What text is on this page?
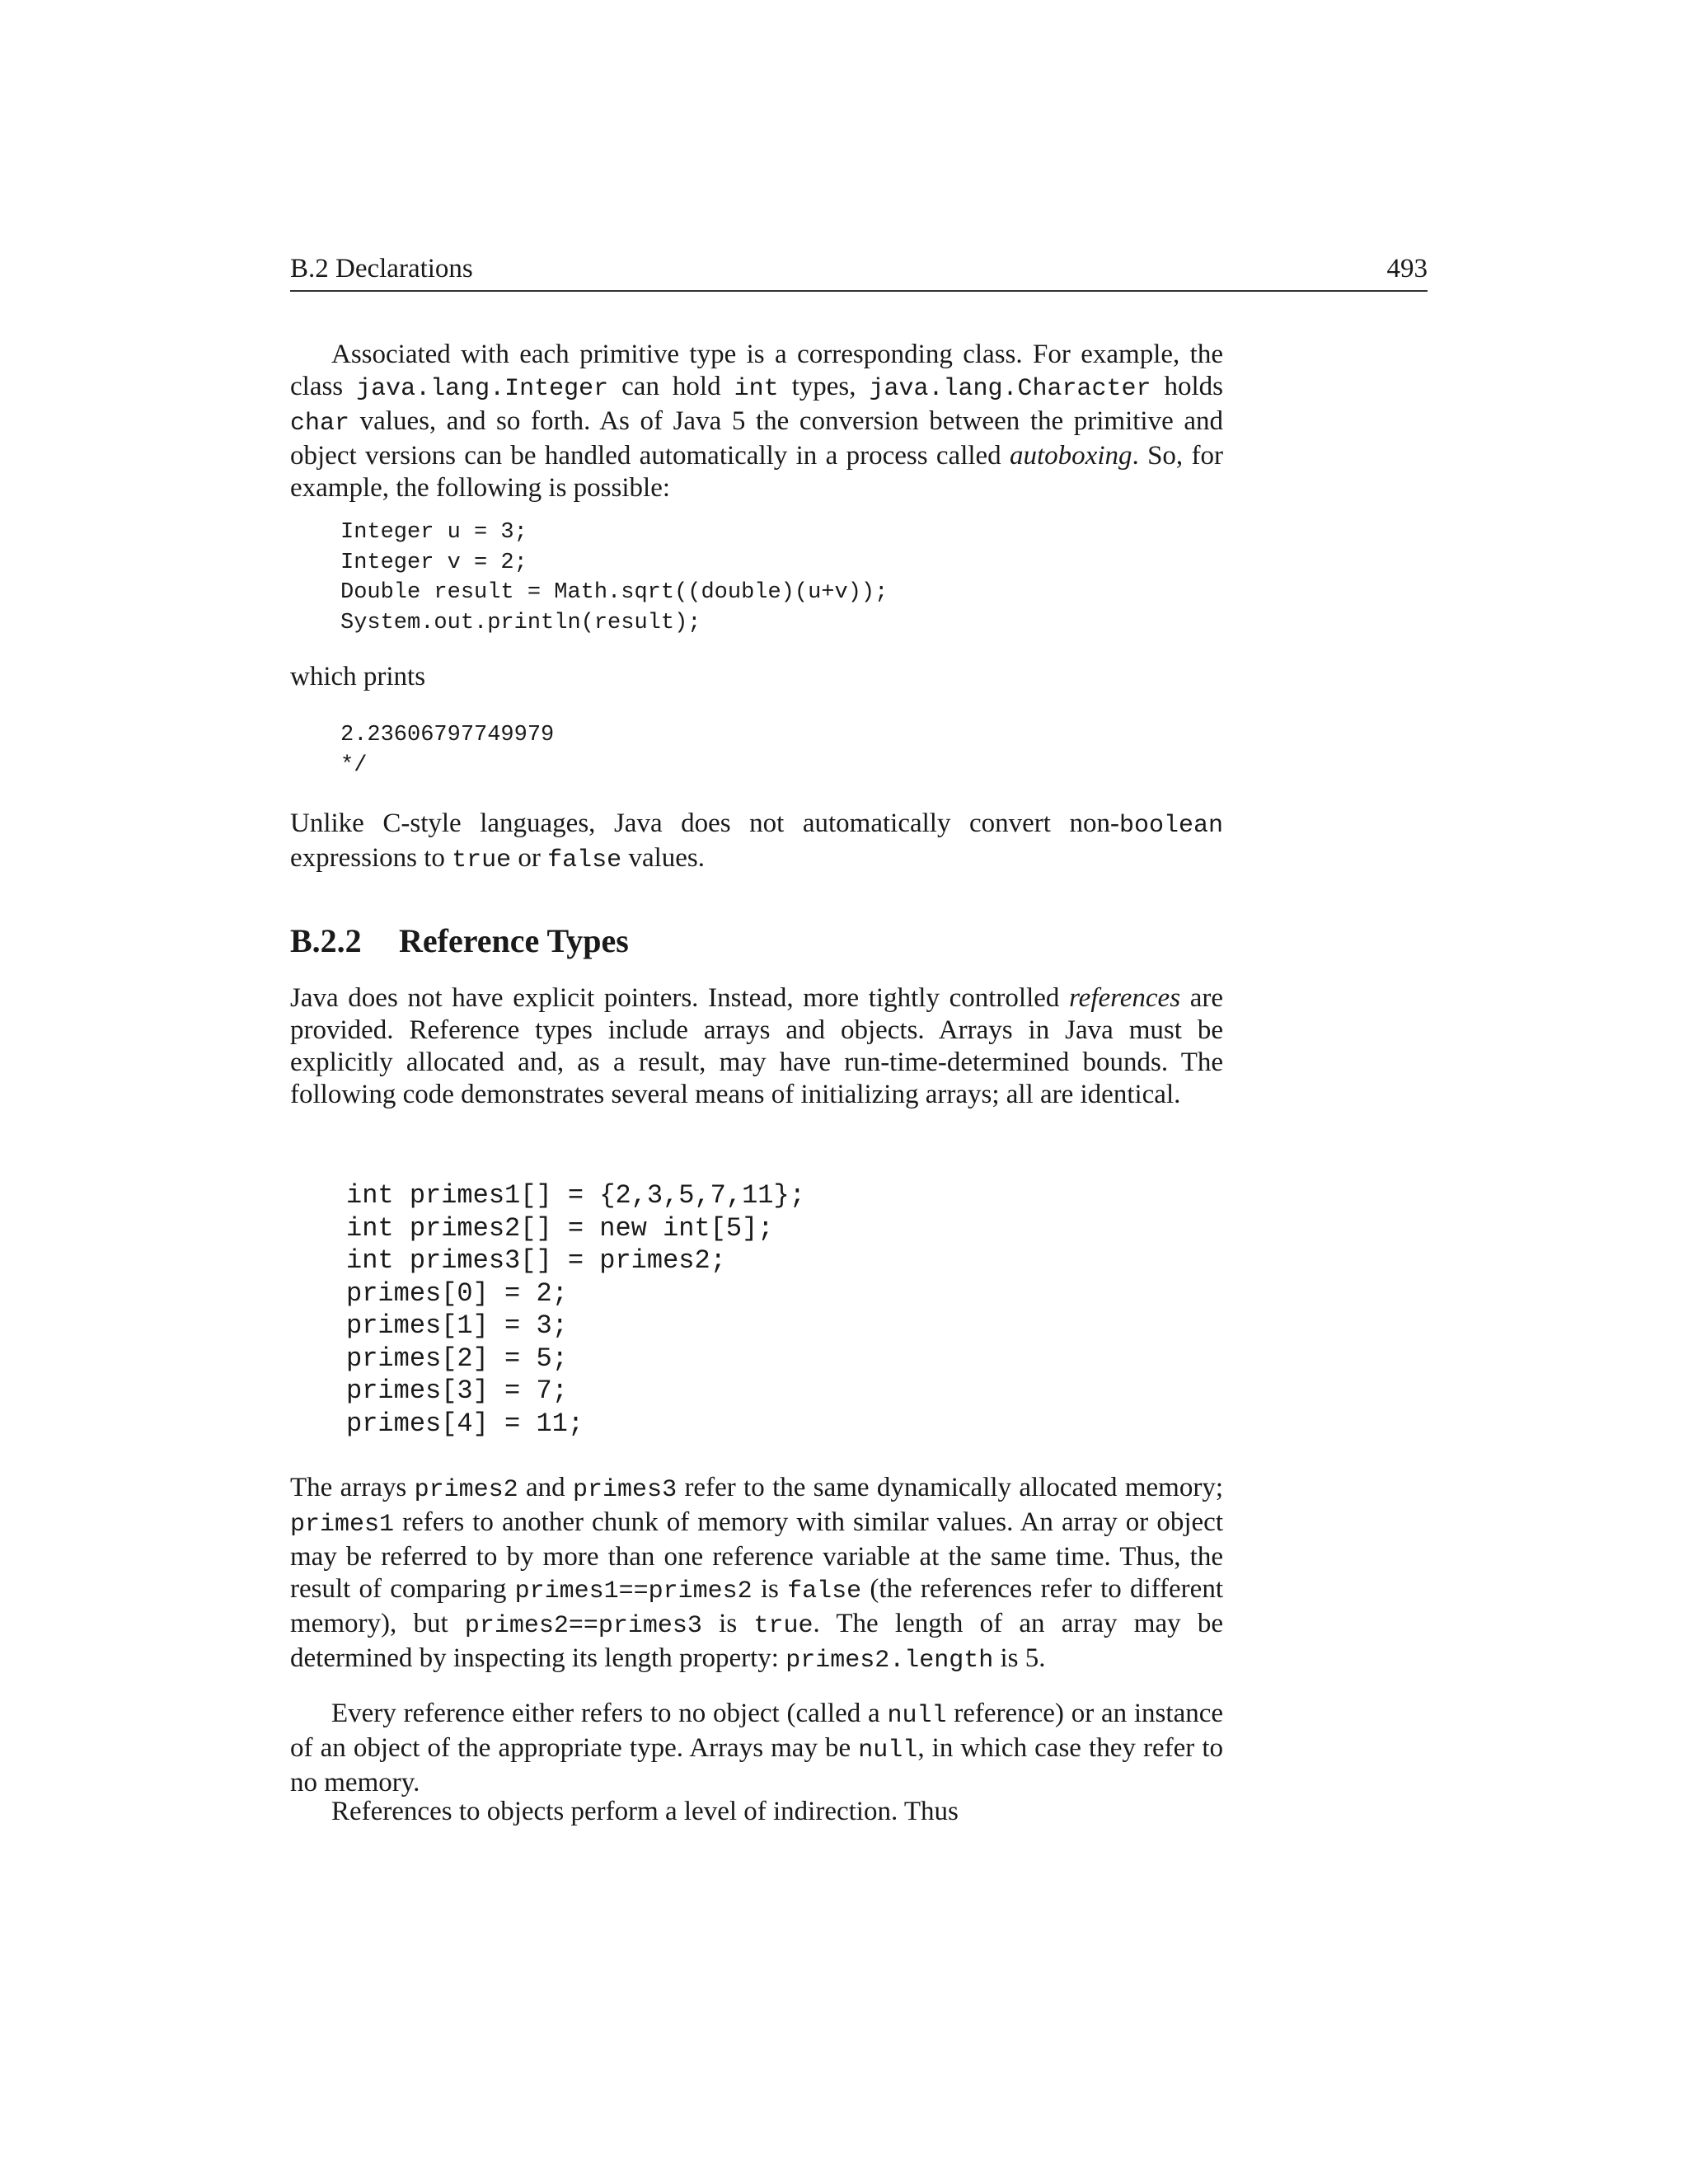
B.2 Declarations	493

Associated with each primitive type is a corresponding class. For example, the class java.lang.Integer can hold int types, java.lang.Character holds char values, and so forth. As of Java 5 the conversion between the primitive and object versions can be handled automatically in a process called autoboxing. So, for example, the following is possible:

Integer u = 3;
Integer v = 2;
Double result = Math.sqrt((double)(u+v));
System.out.println(result);

which prints

2.23606797749979
*/

Unlike C-style languages, Java does not automatically convert non-boolean expressions to true or false values.

B.2.2 Reference Types

Java does not have explicit pointers. Instead, more tightly controlled references are provided. Reference types include arrays and objects. Arrays in Java must be explicitly allocated and, as a result, may have run-time-determined bounds. The following code demonstrates several means of initializing arrays; all are identical.

int primes1[] = {2,3,5,7,11};
int primes2[] = new int[5];
int primes3[] = primes2;
primes[0] = 2;
primes[1] = 3;
primes[2] = 5;
primes[3] = 7;
primes[4] = 11;

The arrays primes2 and primes3 refer to the same dynamically allocated memory; primes1 refers to another chunk of memory with similar values. An array or object may be referred to by more than one reference variable at the same time. Thus, the result of comparing primes1==primes2 is false (the references refer to different memory), but primes2==primes3 is true. The length of an array may be determined by inspecting its length property: primes2.length is 5.

Every reference either refers to no object (called a null reference) or an instance of an object of the appropriate type. Arrays may be null, in which case they refer to no memory.

References to objects perform a level of indirection. Thus
